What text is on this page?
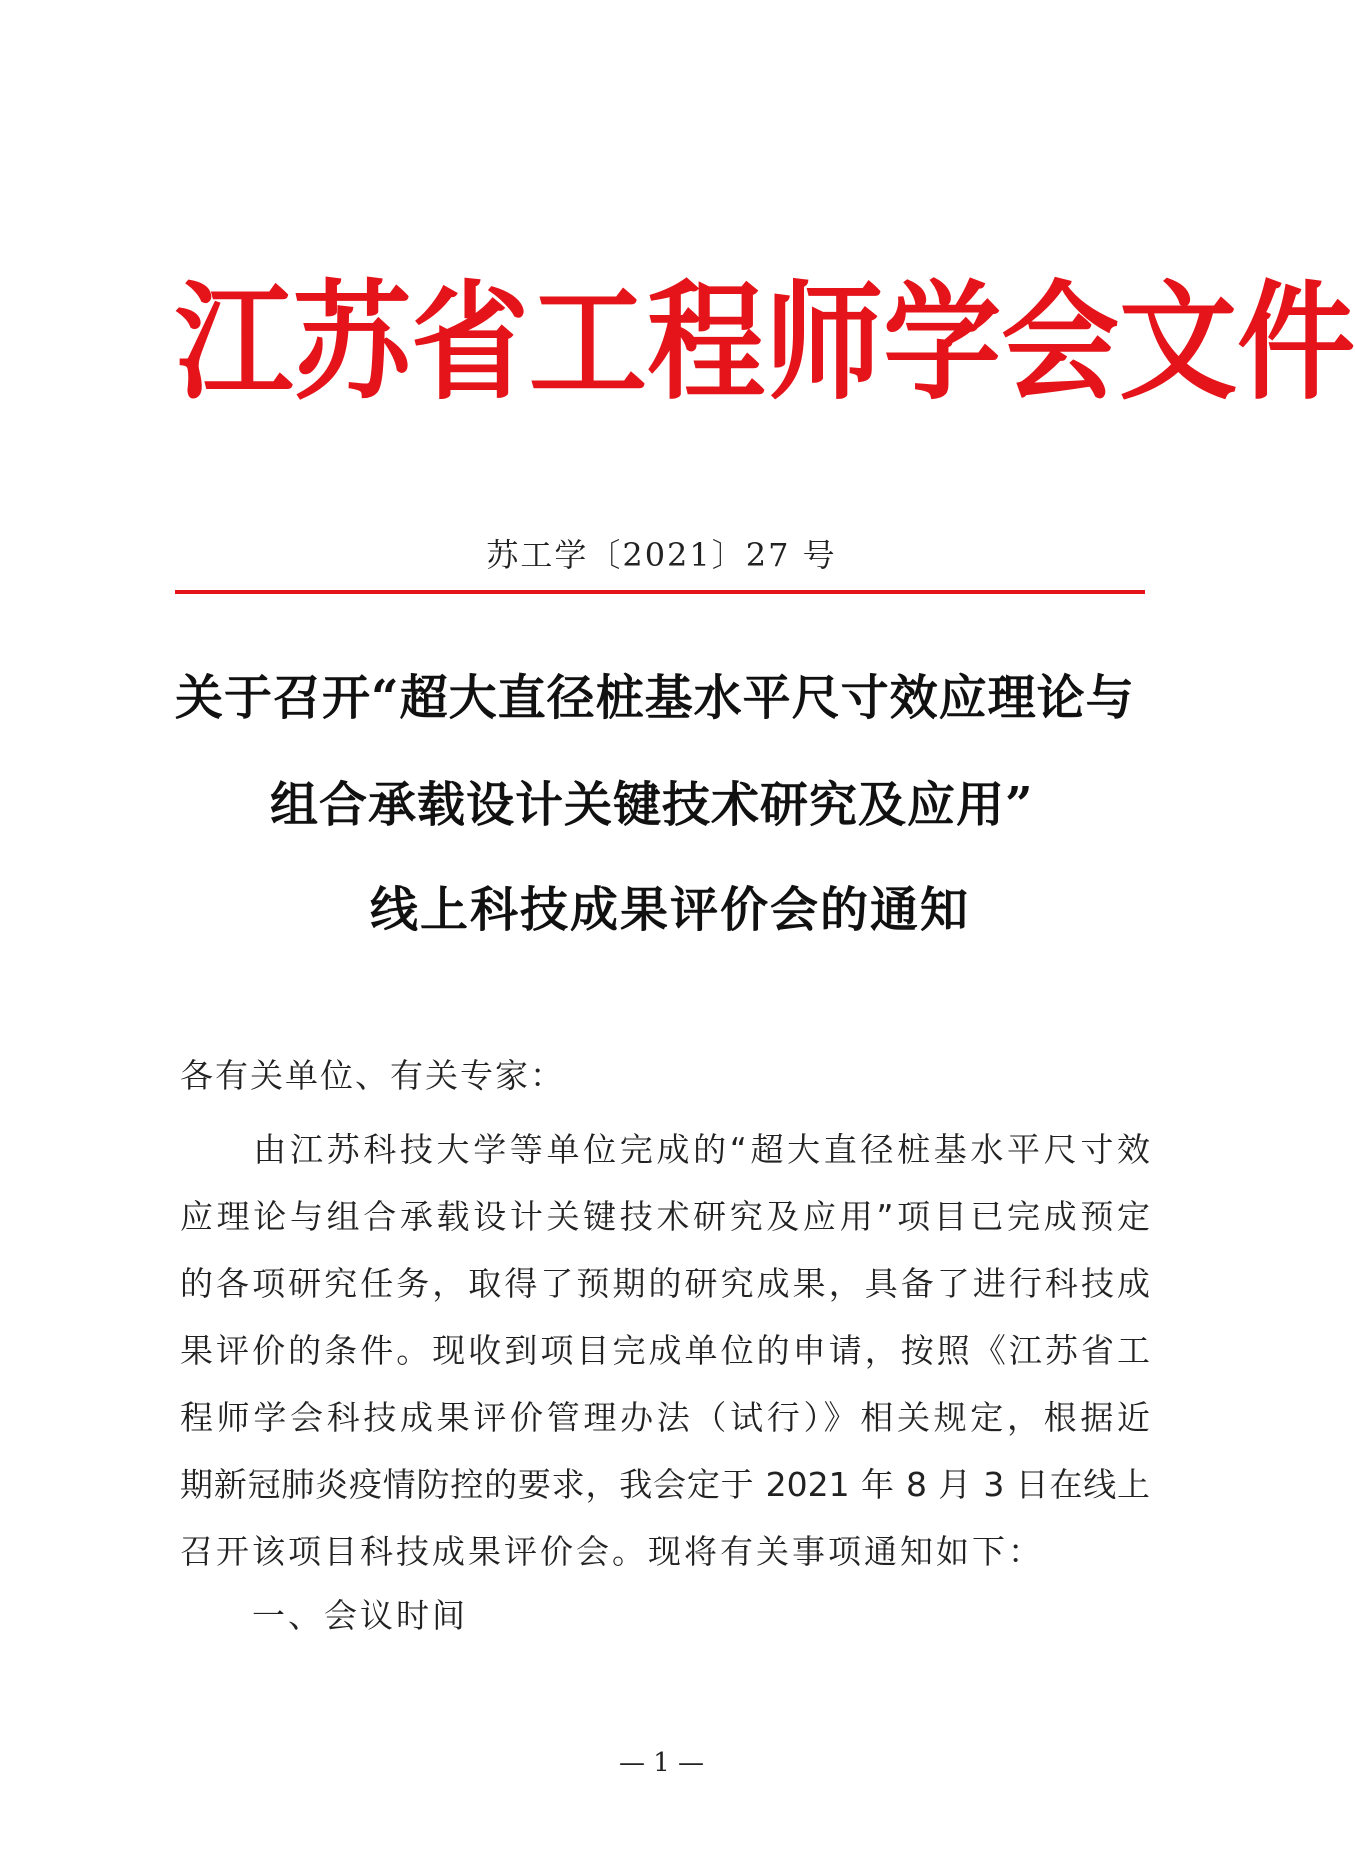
江 苏 省 工 程 师 学 会 文 件
苏工学〔2021〕27 号
关于召开“超大直径桩基水平尺寸效应理论与
组合承载设计关键技术研究及应用”
线上科技成果评价会的通知
各有关单位、有关专家：
　　由江苏科技大学等单位完成的“超大直径桩基水平尺寸效
应理论与组合承载设计关键技术研究及应用”项目已完成预定
的各项研究任务，取得了预期的研究成果，具备了进行科技成
果评价的条件。现收到项目完成单位的申请，按照《江苏省工
程师学会科技成果评价管理办法（试行）》相关规定，根据近
期新冠肺炎疫情防控的要求，我会定于 2021 年 8 月 3 日在线上
召开该项目科技成果评价会。现将有关事项通知如下：
一、会议时间
— 1 —
